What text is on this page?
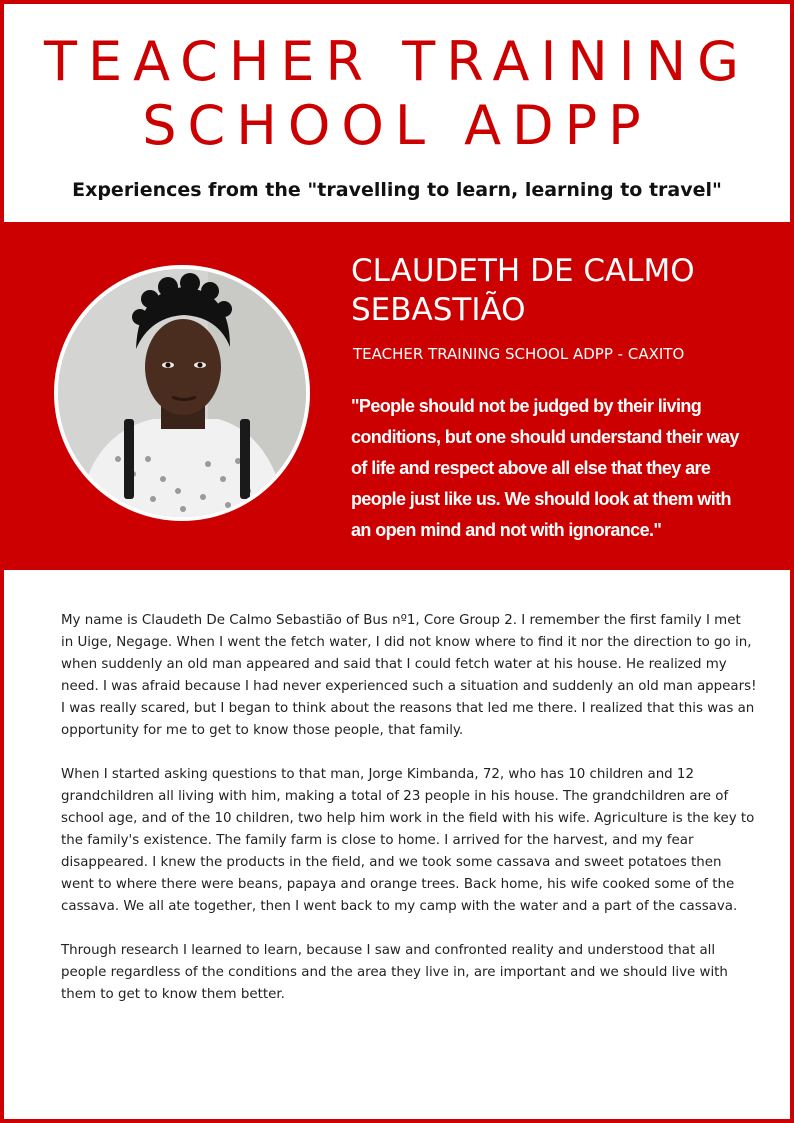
TEACHER TRAINING SCHOOL ADPP

Experiences from the "travelling to learn, learning to travel"

CLAUDETH DE CALMO SEBASTIÃO

TEACHER TRAINING SCHOOL ADPP - CAXITO

"People should not be judged by their living conditions, but one should understand their way of life and respect above all else that they are people just like us. We should look at them with an open mind and not with ignorance."

My name is Claudeth De Calmo Sebastião of Bus nº1, Core Group 2. I remember the first family I met in Uige, Negage. When I went the fetch water, I did not know where to find it nor the direction to go in, when suddenly an old man appeared and said that I could fetch water at his house. He realized my need. I was afraid because I had never experienced such a situation and suddenly an old man appears! I was really scared, but I began to think about the reasons that led me there. I realized that this was an opportunity for me to get to know those people, that family.

When I started asking questions to that man, Jorge Kimbanda, 72, who has 10 children and 12 grandchildren all living with him, making a total of 23 people in his house. The grandchildren are of school age, and of the 10 children, two help him work in the field with his wife. Agriculture is the key to the family's existence. The family farm is close to home. I arrived for the harvest, and my fear disappeared. I knew the products in the field, and we took some cassava and sweet potatoes then went to where there were beans, papaya and orange trees. Back home, his wife cooked some of the cassava. We all ate together, then I went back to my camp with the water and a part of the cassava.

Through research I learned to learn, because I saw and confronted reality and understood that all people regardless of the conditions and the area they live in, are important and we should live with them to get to know them better.
